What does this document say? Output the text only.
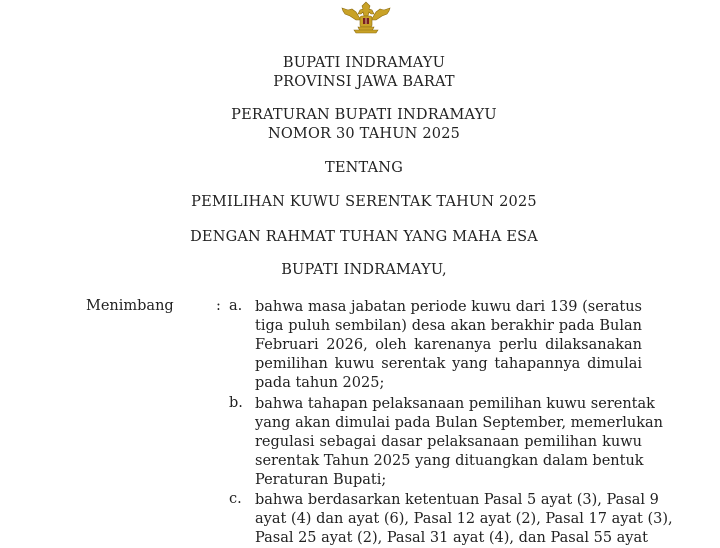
BUPATI INDRAMAYU
PROVINSI JAWA BARAT
PERATURAN BUPATI INDRAMAYU
NOMOR 30 TAHUN 2025
TENTANG
PEMILIHAN KUWU SERENTAK TAHUN 2025
DENGAN RAHMAT TUHAN YANG MAHA ESA
BUPATI INDRAMAYU,
Menimbang	: a. bahwa masa jabatan periode kuwu dari 139 (seratus
tiga puluh sembilan) desa akan berakhir pada Bulan
Februari 2026, oleh karenanya perlu dilaksanakan
pemilihan kuwu serentak yang tahapannya dimulai
pada tahun 2025;
b. bahwa tahapan pelaksanaan pemilihan kuwu serentak
yang akan dimulai pada Bulan September, memerlukan
regulasi sebagai dasar pelaksanaan pemilihan kuwu
serentak Tahun 2025 yang dituangkan dalam bentuk
Peraturan Bupati;
c. bahwa berdasarkan ketentuan Pasal 5 ayat (3), Pasal 9
ayat (4) dan ayat (6), Pasal 12 ayat (2), Pasal 17 ayat (3),
Pasal 25 ayat (2), Pasal 31 ayat (4), dan Pasal 55 ayat
